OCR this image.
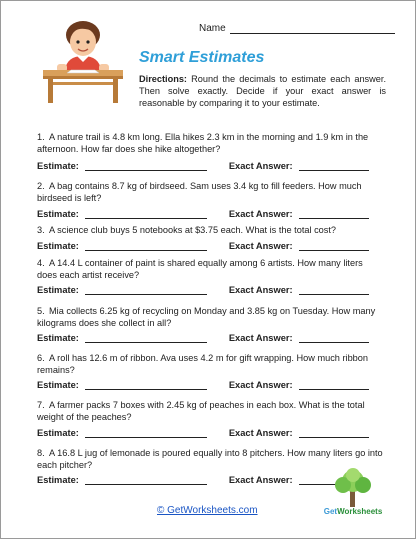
Name
Smart Estimates
Directions: Round the decimals to estimate each answer. Then solve exactly. Decide if your exact answer is reasonable by comparing it to your estimate.
1. A nature trail is 4.8 km long. Ella hikes 2.3 km in the morning and 1.9 km in the afternoon. How far does she hike altogether?
Estimate:	Exact Answer:
2. A bag contains 8.7 kg of birdseed. Sam uses 3.4 kg to fill feeders. How much birdseed is left?
Estimate:	Exact Answer:
3. A science club buys 5 notebooks at $3.75 each. What is the total cost?
Estimate:	Exact Answer:
4. A 14.4 L container of paint is shared equally among 6 artists. How many liters does each artist receive?
Estimate:	Exact Answer:
5. Mia collects 6.25 kg of recycling on Monday and 3.85 kg on Tuesday. How many kilograms does she collect in all?
Estimate:	Exact Answer:
6. A roll has 12.6 m of ribbon. Ava uses 4.2 m for gift wrapping. How much ribbon remains?
Estimate:	Exact Answer:
7. A farmer packs 7 boxes with 2.45 kg of peaches in each box. What is the total weight of the peaches?
Estimate:	Exact Answer:
8. A 16.8 L jug of lemonade is poured equally into 8 pitchers. How many liters go into each pitcher?
Estimate:	Exact Answer:
© GetWorksheets.com	GetWorksheets
